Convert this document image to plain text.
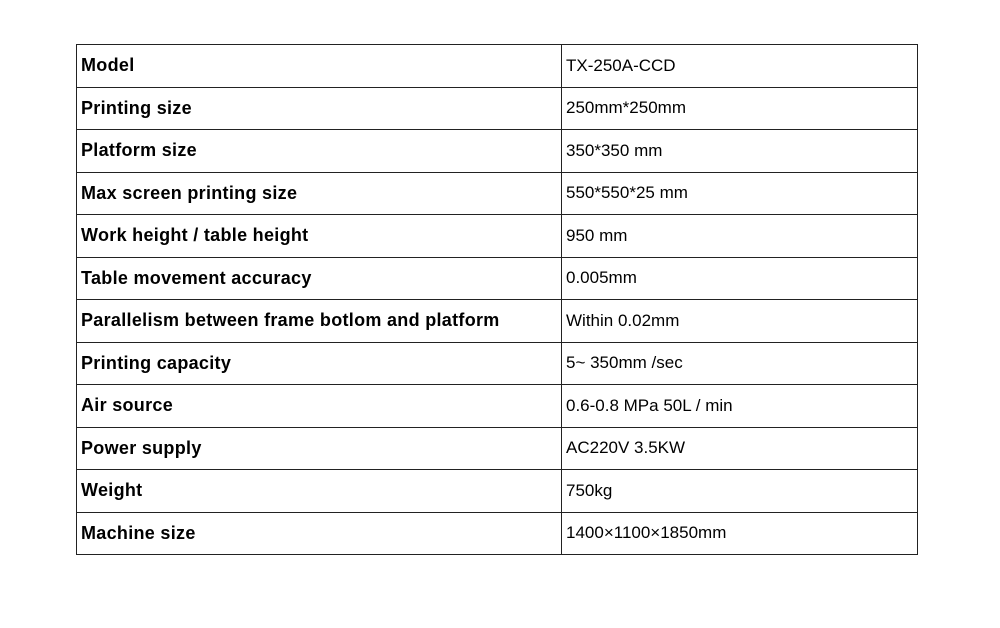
Model	TX-250A-CCD
Printing size	250mm*250mm
Platform size	350*350 mm
Max screen printing size	550*550*25 mm
Work height / table height	950 mm
Table movement accuracy	0.005mm
Parallelism between frame botlom and platform	Within 0.02mm
Printing capacity	5~ 350mm /sec
Air source	0.6-0.8 MPa 50L / min
Power supply	AC220V 3.5KW
Weight	750kg
Machine size	1400×1100×1850mm
